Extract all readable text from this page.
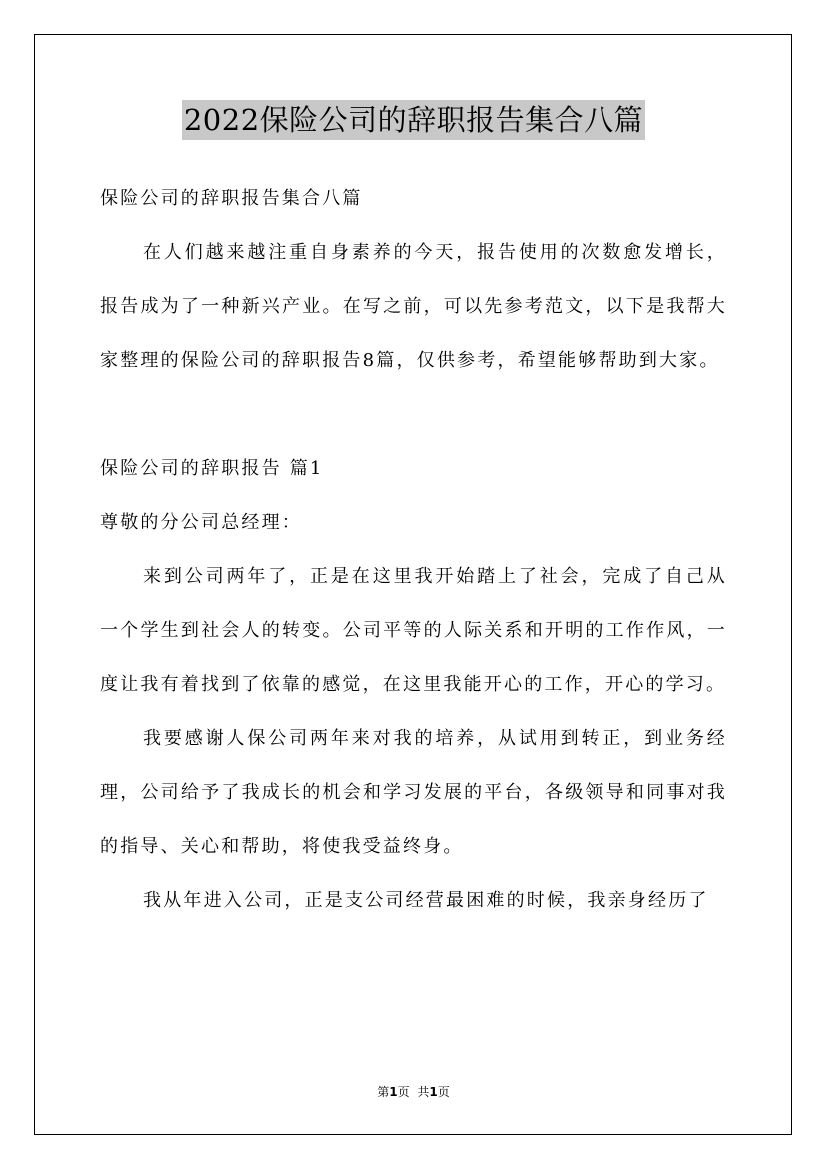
2022保险公司的辞职报告集合八篇

保险公司的辞职报告集合八篇

在人们越来越注重自身素养的今天，报告使用的次数愈发增长，报告成为了一种新兴产业。在写之前，可以先参考范文，以下是我帮大家整理的保险公司的辞职报告8篇，仅供参考，希望能够帮助到大家。

保险公司的辞职报告 篇1

尊敬的分公司总经理：

来到公司两年了，正是在这里我开始踏上了社会，完成了自己从一个学生到社会人的转变。公司平等的人际关系和开明的工作作风，一度让我有着找到了依靠的感觉，在这里我能开心的工作，开心的学习。

我要感谢人保公司两年来对我的培养，从试用到转正，到业务经理，公司给予了我成长的机会和学习发展的平台，各级领导和同事对我的指导、关心和帮助，将使我受益终身。

我从年进入公司，正是支公司经营最困难的时候，我亲身经历了

第1页 共1页
